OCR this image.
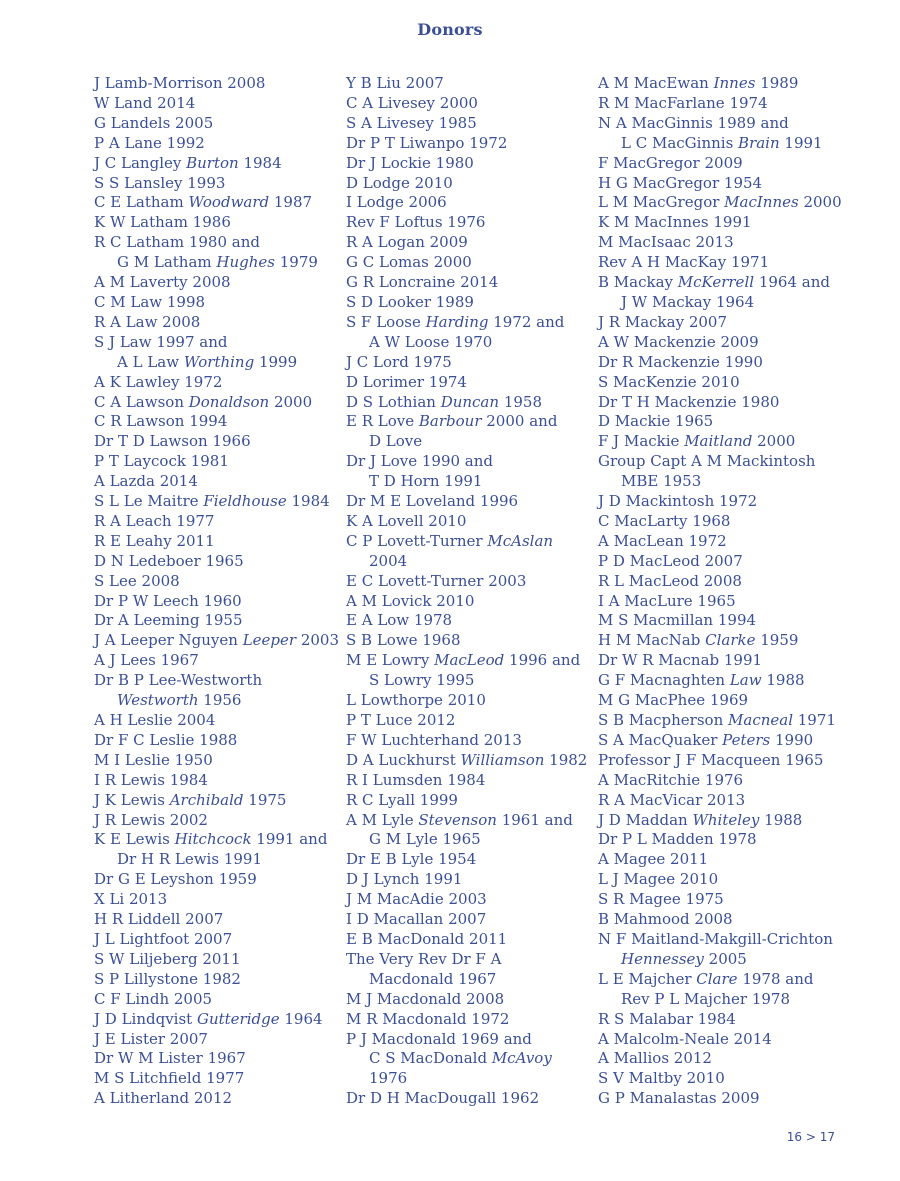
Donors
J Lamb-Morrison 2008
W Land 2014
G Landels 2005
P A Lane 1992
J C Langley Burton 1984
S S Lansley 1993
C E Latham Woodward 1987
K W Latham 1986
R C Latham 1980 and
G M Latham Hughes 1979
A M Laverty 2008
C M Law 1998
R A Law 2008
S J Law 1997 and
A L Law Worthing 1999
A K Lawley 1972
C A Lawson Donaldson 2000
C R Lawson 1994
Dr T D Lawson 1966
P T Laycock 1981
A Lazda 2014
S L Le Maitre Fieldhouse 1984
R A Leach 1977
R E Leahy 2011
D N Ledeboer 1965
S Lee 2008
Dr P W Leech 1960
Dr A Leeming 1955
J A Leeper Nguyen Leeper 2003
A J Lees 1967
Dr B P Lee-Westworth
Westworth 1956
A H Leslie 2004
Dr F C Leslie 1988
M I Leslie 1950
I R Lewis 1984
J K Lewis Archibald 1975
J R Lewis 2002
K E Lewis Hitchcock 1991 and
Dr H R Lewis 1991
Dr G E Leyshon 1959
X Li 2013
H R Liddell 2007
J L Lightfoot 2007
S W Liljeberg 2011
S P Lillystone 1982
C F Lindh 2005
J D Lindqvist Gutteridge 1964
J E Lister 2007
Dr W M Lister 1967
M S Litchfield 1977
A Litherland 2012
Y B Liu 2007
C A Livesey 2000
S A Livesey 1985
Dr P T Liwanpo 1972
Dr J Lockie 1980
D Lodge 2010
I Lodge 2006
Rev F Loftus 1976
R A Logan 2009
G C Lomas 2000
G R Loncraine 2014
S D Looker 1989
S F Loose Harding 1972 and
A W Loose 1970
J C Lord 1975
D Lorimer 1974
D S Lothian Duncan 1958
E R Love Barbour 2000 and
D Love
Dr J Love 1990 and
T D Horn 1991
Dr M E Loveland 1996
K A Lovell 2010
C P Lovett-Turner McAslan
2004
E C Lovett-Turner 2003
A M Lovick 2010
E A Low 1978
S B Lowe 1968
M E Lowry MacLeod 1996 and
S Lowry 1995
L Lowthorpe 2010
P T Luce 2012
F W Luchterhand 2013
D A Luckhurst Williamson 1982
R I Lumsden 1984
R C Lyall 1999
A M Lyle Stevenson 1961 and
G M Lyle 1965
Dr E B Lyle 1954
D J Lynch 1991
J M MacAdie 2003
I D Macallan 2007
E B MacDonald 2011
The Very Rev Dr F A
Macdonald 1967
M J Macdonald 2008
M R Macdonald 1972
P J Macdonald 1969 and
C S MacDonald McAvoy
1976
Dr D H MacDougall 1962
A M MacEwan Innes 1989
R M MacFarlane 1974
N A MacGinnis 1989 and
L C MacGinnis Brain 1991
F MacGregor 2009
H G MacGregor 1954
L M MacGregor MacInnes 2000
K M MacInnes 1991
M MacIsaac 2013
Rev A H MacKay 1971
B Mackay McKerrell 1964 and
J W Mackay 1964
J R Mackay 2007
A W Mackenzie 2009
Dr R Mackenzie 1990
S MacKenzie 2010
Dr T H Mackenzie 1980
D Mackie 1965
F J Mackie Maitland 2000
Group Capt A M Mackintosh
MBE 1953
J D Mackintosh 1972
C MacLarty 1968
A MacLean 1972
P D MacLeod 2007
R L MacLeod 2008
I A MacLure 1965
M S Macmillan 1994
H M MacNab Clarke 1959
Dr W R Macnab 1991
G F Macnaghten Law 1988
M G MacPhee 1969
S B Macpherson Macneal 1971
S A MacQuaker Peters 1990
Professor J F Macqueen 1965
A MacRitchie 1976
R A MacVicar 2013
J D Maddan Whiteley 1988
Dr P L Madden 1978
A Magee 2011
L J Magee 2010
S R Magee 1975
B Mahmood 2008
N F Maitland-Makgill-Crichton
Hennessey 2005
L E Majcher Clare 1978 and
Rev P L Majcher 1978
R S Malabar 1984
A Malcolm-Neale 2014
A Mallios 2012
S V Maltby 2010
G P Manalastas 2009
16 > 17
